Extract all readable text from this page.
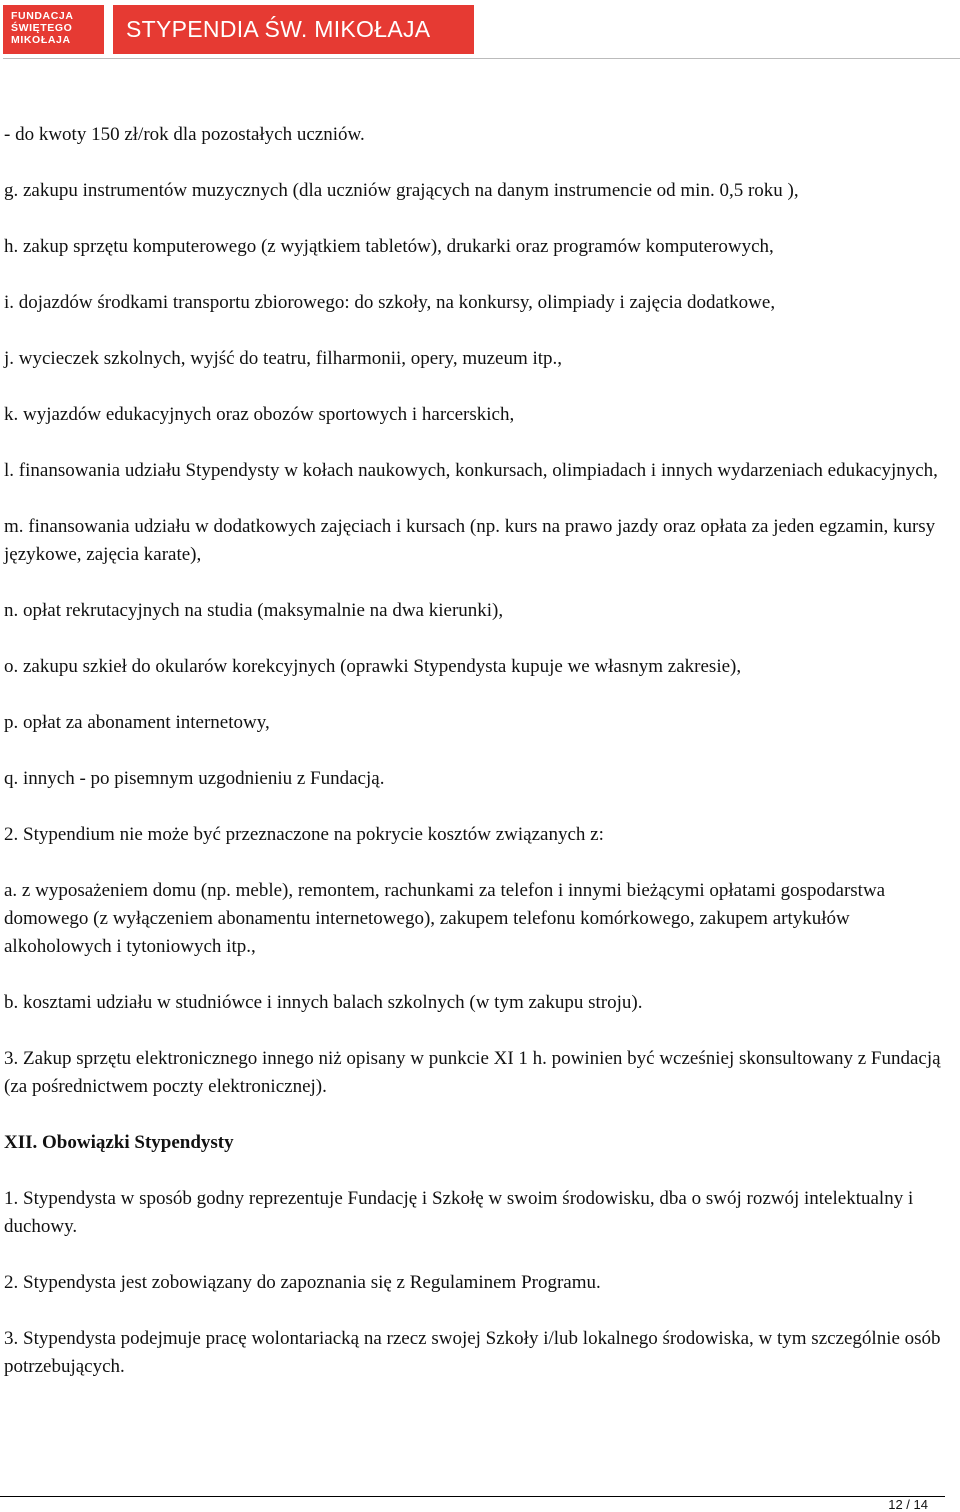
FUNDACJA
ŚWIĘTEGO
MIKOŁAJA	STYPENDIA ŚW. MIKOŁAJA

- do kwoty 150 zł/rok dla pozostałych uczniów.

g. zakupu instrumentów muzycznych (dla uczniów grających na danym instrumencie od min. 0,5 roku ),

h. zakup sprzętu komputerowego (z wyjątkiem tabletów), drukarki oraz programów komputerowych,

i. dojazdów środkami transportu zbiorowego: do szkoły, na konkursy, olimpiady i zajęcia dodatkowe,

j. wycieczek szkolnych, wyjść do teatru, filharmonii, opery, muzeum itp.,

k. wyjazdów edukacyjnych oraz obozów sportowych i harcerskich,

l. finansowania udziału Stypendysty w kołach naukowych, konkursach, olimpiadach i innych wydarzeniach edukacyjnych,

m. finansowania udziału w dodatkowych zajęciach i kursach (np. kurs na prawo jazdy oraz opłata za jeden egzamin, kursy językowe, zajęcia karate),

n. opłat rekrutacyjnych na studia (maksymalnie na dwa kierunki),

o. zakupu szkieł do okularów korekcyjnych (oprawki Stypendysta kupuje we własnym zakresie),

p. opłat za abonament internetowy,

q. innych - po pisemnym uzgodnieniu z Fundacją.

2. Stypendium nie może być przeznaczone na pokrycie kosztów związanych z:

a. z wyposażeniem domu (np. meble), remontem, rachunkami za telefon i innymi bieżącymi opłatami gospodarstwa domowego (z wyłączeniem abonamentu internetowego), zakupem telefonu komórkowego, zakupem artykułów alkoholowych i tytoniowych itp.,

b. kosztami udziału w studniówce i innych balach szkolnych (w tym zakupu stroju).

3. Zakup sprzętu elektronicznego innego niż opisany w punkcie XI 1 h. powinien być wcześniej skonsultowany z Fundacją (za pośrednictwem poczty elektronicznej).

XII. Obowiązki Stypendysty

1. Stypendysta w sposób godny reprezentuje Fundację i Szkołę w swoim środowisku, dba o swój rozwój intelektualny i duchowy.

2. Stypendysta jest zobowiązany do zapoznania się z Regulaminem Programu.

3. Stypendysta podejmuje pracę wolontariacką na rzecz swojej Szkoły i/lub lokalnego środowiska, w tym szczególnie osób potrzebujących.

12 / 14
